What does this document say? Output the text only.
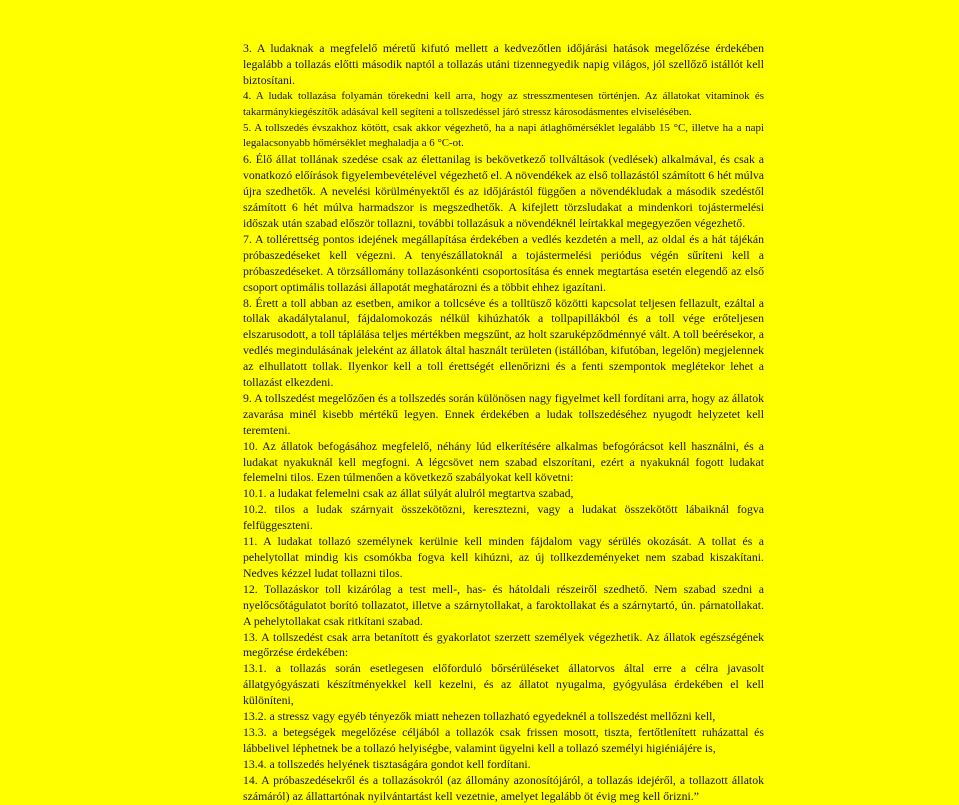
3. A ludaknak a megfelelő méretű kifutó mellett a kedvezőtlen időjárási hatások megelőzése érdekében legalább a tollazás előtti második naptól a tollazás utáni tizennegyedik napig világos, jól szellőző istállót kell biztosítani.

4. A ludak tollazása folyamán törekedni kell arra, hogy az stresszmentesen történjen. Az állatokat vitaminok és takarmánykiegészítők adásával kell segíteni a tollszedéssel járó stressz károsodásmentes elviselésében.

5. A tollszedés évszakhoz kötött, csak akkor végezhető, ha a napi átlaghőmérséklet legalább 15 °C, illetve ha a napi legalacsonyabb hőmérséklet meghaladja a 6 °C-ot.

6. Élő állat tollának szedése csak az élettanilag is bekövetkező tollváltások (vedlések) alkalmával, és csak a vonatkozó előírások figyelembevételével végezhető el. A növendékek az első tollazástól számított 6 hét múlva újra szedhetők. A nevelési körülményektől és az időjárástól függően a növendékludak a második szedéstől számított 6 hét múlva harmadszor is megszedhetők. A kifejlett törzsludakat a mindenkori tojástermelési időszak után szabad először tollazni, további tollazásuk a növendéknél leírtakkal megegyezően végezhető.

7. A tollérettség pontos idejének megállapítása érdekében a vedlés kezdetén a mell, az oldal és a hát tájékán próbaszedéseket kell végezni. A tenyészállatoknál a tojástermelési periódus végén sűríteni kell a próbaszedéseket. A törzsállomány tollazásonkénti csoportosítása és ennek megtartása esetén elegendő az első csoport optimális tollazási állapotát meghatározni és a többit ehhez igazítani.

8. Érett a toll abban az esetben, amikor a tollcséve és a tolltüsző közötti kapcsolat teljesen fellazult, ezáltal a tollak akadálytalanul, fájdalomokozás nélkül kihúzhatók a tollpapillákból és a toll vége erőteljesen elszarusodott, a toll táplálása teljes mértékben megszűnt, az holt szaruképződménnyé vált. A toll beérésekor, a vedlés megindulásának jeleként az állatok által használt területen (istállóban, kifutóban, legelőn) megjelennek az elhullatott tollak. Ilyenkor kell a toll érettségét ellenőrizni és a fenti szempontok meglétekor lehet a tollazást elkezdeni.

9. A tollszedést megelőzően és a tollszedés során különösen nagy figyelmet kell fordítani arra, hogy az állatok zavarása minél kisebb mértékű legyen. Ennek érdekében a ludak tollszedéséhez nyugodt helyzetet kell teremteni.

10. Az állatok befogásához megfelelő, néhány lúd elkerítésére alkalmas befogórácsot kell használni, és a ludakat nyakuknál kell megfogni. A légcsövet nem szabad elszorítani, ezért a nyakuknál fogott ludakat felemelni tilos. Ezen túlmenően a következő szabályokat kell követni:

10.1. a ludakat felemelni csak az állat súlyát alulról megtartva szabad,

10.2. tilos a ludak szárnyait összekötözni, keresztezni, vagy a ludakat összekötött lábaiknál fogva felfüggeszteni.

11. A ludakat tollazó személynek kerülnie kell minden fájdalom vagy sérülés okozását. A tollat és a pehelytollat mindig kis csomókba fogva kell kihúzni, az új tollkezdeményeket nem szabad kiszakítani. Nedves kézzel ludat tollazni tilos.

12. Tollazáskor toll kizárólag a test mell-, has- és hátoldali részeiről szedhető. Nem szabad szedni a nyelőcsőtágulatot borító tollazatot, illetve a szárnytollakat, a faroktollakat és a szárnytartó, ún. párnatollakat. A pehelytollakat csak ritkítani szabad.

13. A tollszedést csak arra betanított és gyakorlatot szerzett személyek végezhetik. Az állatok egészségének megőrzése érdekében:

13.1. a tollazás során esetlegesen előforduló bőrsérüléseket állatorvos által erre a célra javasolt állatgyógyászati készítményekkel kell kezelni, és az állatot nyugalma, gyógyulása érdekében el kell különíteni,

13.2. a stressz vagy egyéb tényezők miatt nehezen tollazható egyedeknél a tollszedést mellőzni kell,

13.3. a betegségek megelőzése céljából a tollazók csak frissen mosott, tiszta, fertőtlenített ruházattal és lábbelivel léphetnek be a tollazó helyiségbe, valamint ügyelni kell a tollazó személyi higiéniájére is,

13.4. a tollszedés helyének tisztaságára gondot kell fordítani.

14. A próbaszedésekről és a tollazásokról (az állomány azonosítójáról, a tollazás idejéről, a tollazott állatok számáról) az állattartónak nyilvántartást kell vezetnie, amelyet legalább öt évig meg kell őrizni.”
